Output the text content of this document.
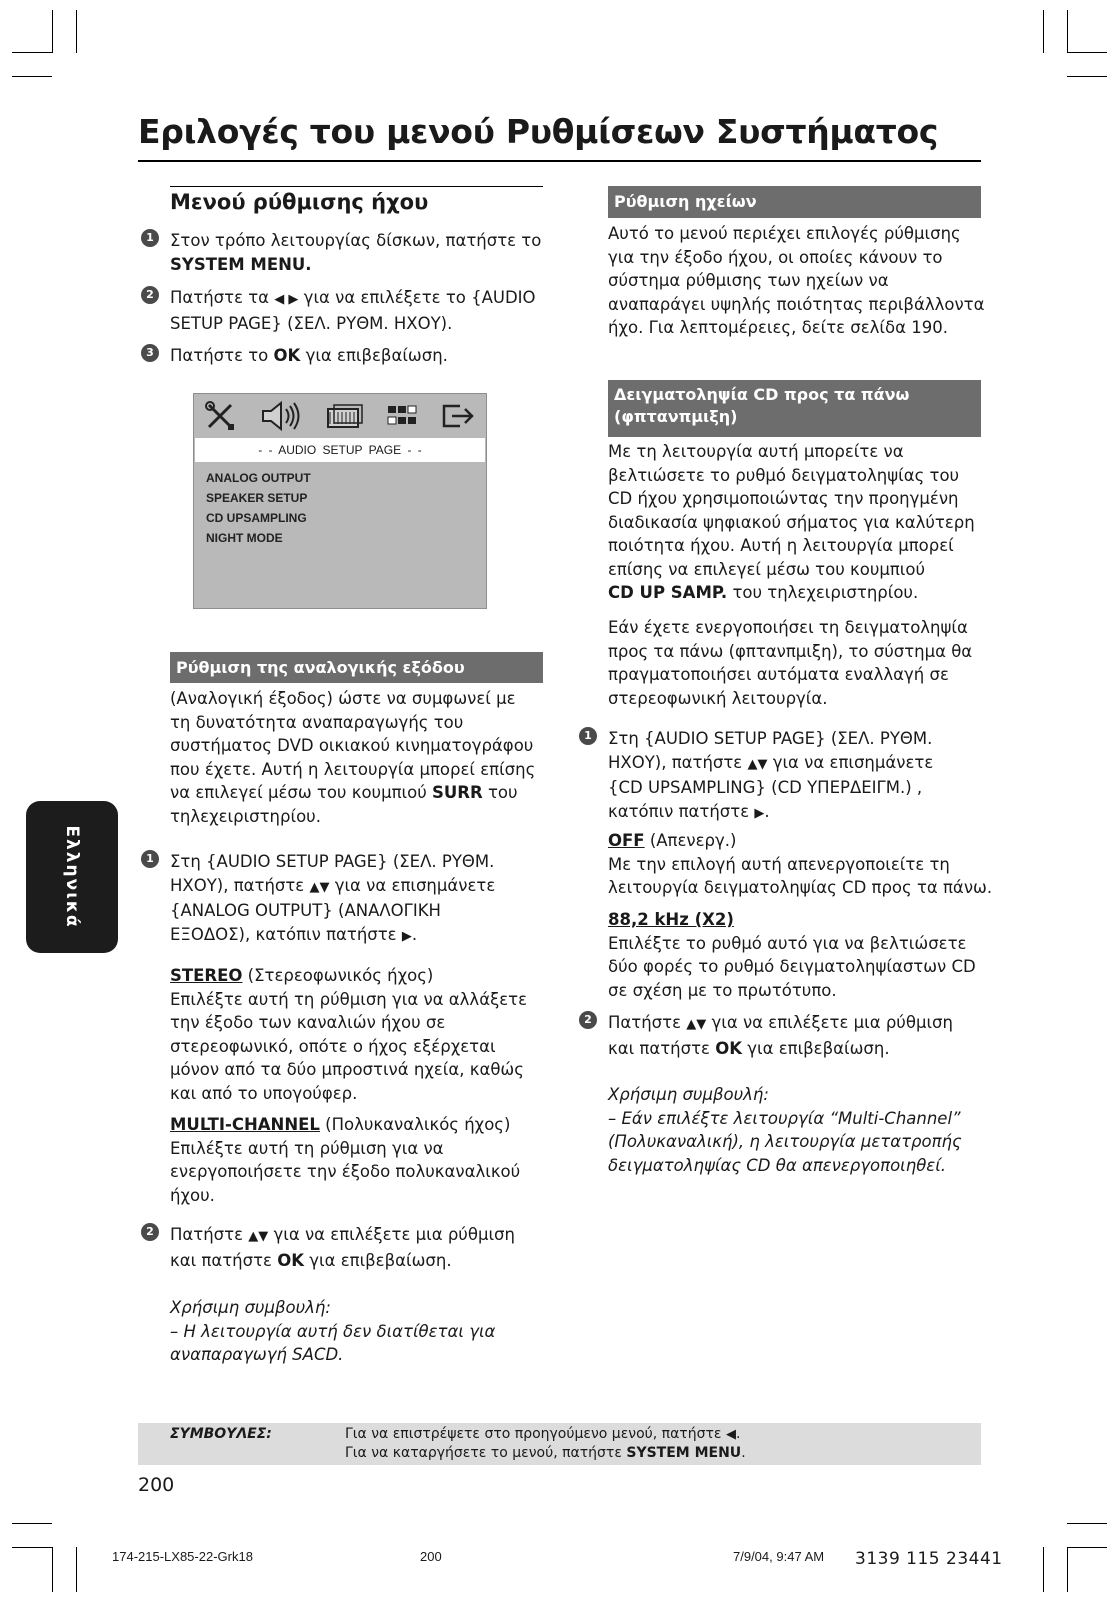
Εριλογές του μενού Ρυθμίσεων Συστήματος
Ελληνικά
Μενού ρύθμισης ήχου
1 Στον τρόπο λειτουργίας δίσκων, πατήστε το

SYSTEM MENU.

2 Πατήστε τα ◀ ▶ για να επιλέξετε το {AUDIO

SETUP PAGE} (ΣΕΛ. ΡΥΘΜ. ΗΧΟΥ).

3 Πατήστε το OK για επιβεβαίωση.

- - AUDIO SETUP PAGE - -
ANALOG OUTPUT
SPEAKER SETUP
CD UPSAMPLING
NIGHT MODE
Ρύθμιση της αναλογικής εξόδου

(Αναλογική έξοδος) ώστε να συμφωνεί με

τη δυνατότητα αναπαραγωγής του

συστήματος DVD οικιακού κινηματογράφου

που έχετε. Αυτή η λειτουργία μπορεί επίσης

να επιλεγεί μέσω του κουμπιού SURR του

τηλεχειριστηρίου.

1 Στη {AUDIO SETUP PAGE} (ΣΕΛ. ΡΥΘΜ.

ΗΧΟΥ), πατήστε ▲▼ για να επισημάνετε

{ANALOG OUTPUT} (ΑΝΑΛΟΓΙΚΗ

ΕΞΟΔΟΣ), κατόπιν πατήστε ▶.

STEREO (Στερεοφωνικός ήχος)

Επιλέξτε αυτή τη ρύθμιση για να αλλάξετε

την έξοδο των καναλιών ήχου σε

στερεοφωνικό, οπότε ο ήχος εξέρχεται

μόνον από τα δύο μπροστινά ηχεία, καθώς

και από το υπογούφερ.

MULTI-CHANNEL (Πολυκαναλικός ήχος)

Επιλέξτε αυτή τη ρύθμιση για να

ενεργοποιήσετε την έξοδο πολυκαναλικού

ήχου.

2 Πατήστε ▲▼ για να επιλέξετε μια ρύθμιση

και πατήστε OK για επιβεβαίωση.

Χρήσιμη συμβουλή:

– Η λειτουργία αυτή δεν διατίθεται για

αναπαραγωγή SACD.

Ρύθμιση ηχείων

Αυτό το μενού περιέχει επιλογές ρύθμισης

για την έξοδο ήχου, οι οποίες κάνουν το

σύστημα ρύθμισης των ηχείων να

αναπαράγει υψηλής ποιότητας περιβάλλοντα

ήχο. Για λεπτομέρειες, δείτε σελίδα 190.

Δειγματοληψία CD προς τα πάνω
(φπτανπμιξη)

Με τη λειτουργία αυτή μπορείτε να

βελτιώσετε το ρυθμό δειγματοληψίας του

CD ήχου χρησιμοποιώντας την προηγμένη

διαδικασία ψηφιακού σήματος για καλύτερη

ποιότητα ήχου. Αυτή η λειτουργία μπορεί

επίσης να επιλεγεί μέσω του κουμπιού

CD UP SAMP. του τηλεχειριστηρίου.

Εάν έχετε ενεργοποιήσει τη δειγματοληψία

προς τα πάνω (φπτανπμιξη), το σύστημα θα

πραγματοποιήσει αυτόματα εναλλαγή σε

στερεοφωνική λειτουργία.

1 Στη {AUDIO SETUP PAGE} (ΣΕΛ. ΡΥΘΜ.

ΗΧΟΥ), πατήστε ▲▼ για να επισημάνετε

{CD UPSAMPLING} (CD ΥΠΕΡΔΕΙΓΜ.) ,

κατόπιν πατήστε ▶.

OFF (Απενεργ.)

Με την επιλογή αυτή απενεργοποιείτε τη

λειτουργία δειγματοληψίας CD προς τα πάνω.

88,2 kHz (X2)

Επιλέξτε το ρυθμό αυτό για να βελτιώσετε

δύο φορές το ρυθμό δειγματοληψίαστων CD

σε σχέση με το πρωτότυπο.

2 Πατήστε ▲▼ για να επιλέξετε μια ρύθμιση

και πατήστε OK για επιβεβαίωση.

Χρήσιμη συμβουλή:

– Εάν επιλέξτε λειτουργία “Multi-Channel”

(Πολυκαναλική), η λειτουργία μετατροπής

δειγματοληψίας CD θα απενεργοποιηθεί.

ΣΥΜΒΟΥΛΕΣ:	Για να επιστρέψετε στο προηγούμενο μενού, πατήστε ◀.
Για να καταργήσετε το μενού, πατήστε SYSTEM MENU.
200
174-215-LX85-22-Grk18	200	7/9/04, 9:47 AM 3139 115 23441
